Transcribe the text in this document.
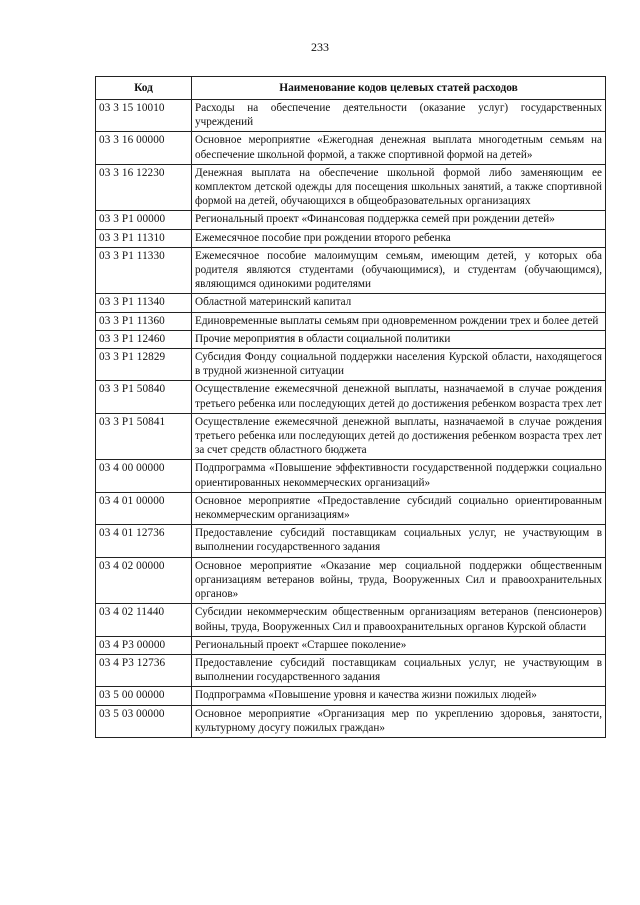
233
Код	Наименование кодов целевых статей расходов
03 3 15 10010	Расходы на обеспечение деятельности (оказание услуг) государственных учреждений
03 3 16 00000	Основное мероприятие «Ежегодная денежная выплата многодетным семьям на обеспечение школьной формой, а также спортивной формой на детей»
03 3 16 12230	Денежная выплата на обеспечение школьной формой либо заменяющим ее комплектом детской одежды для посещения школьных занятий, а также спортивной формой на детей, обучающихся в общеобразовательных организациях
03 3 P1 00000	Региональный проект «Финансовая поддержка семей при рождении детей»
03 3 P1 11310	Ежемесячное пособие при рождении второго ребенка
03 3 P1 11330	Ежемесячное пособие малоимущим семьям, имеющим детей, у которых оба родителя являются студентами (обучающимися), и студентам (обучающимся), являющимся одинокими родителями
03 3 P1 11340	Областной материнский капитал
03 3 P1 11360	Единовременные выплаты семьям при одновременном рождении трех и более детей
03 3 P1 12460	Прочие мероприятия в области социальной политики
03 3 P1 12829	Субсидия Фонду социальной поддержки населения Курской области, находящегося в трудной жизненной ситуации
03 3 P1 50840	Осуществление ежемесячной денежной выплаты, назначаемой в случае рождения третьего ребенка или последующих детей до достижения ребенком возраста трех лет
03 3 P1 50841	Осуществление ежемесячной денежной выплаты, назначаемой в случае рождения третьего ребенка или последующих детей до достижения ребенком возраста трех лет за счет средств областного бюджета
03 4 00 00000	Подпрограмма «Повышение эффективности государственной поддержки социально ориентированных некоммерческих организаций»
03 4 01 00000	Основное мероприятие «Предоставление субсидий социально ориентированным некоммерческим организациям»
03 4 01 12736	Предоставление субсидий поставщикам социальных услуг, не участвующим в выполнении государственного задания
03 4 02 00000	Основное мероприятие «Оказание мер социальной поддержки общественным организациям ветеранов войны, труда, Вооруженных Сил и правоохранительных органов»
03 4 02 11440	Субсидии некоммерческим общественным организациям ветеранов (пенсионеров) войны, труда, Вооруженных Сил и правоохранительных органов Курской области
03 4 P3 00000	Региональный проект «Старшее поколение»
03 4 P3 12736	Предоставление субсидий поставщикам социальных услуг, не участвующим в выполнении государственного задания
03 5 00 00000	Подпрограмма «Повышение уровня и качества жизни пожилых людей»
03 5 03 00000	Основное мероприятие «Организация мер по укреплению здоровья, занятости, культурному досугу пожилых граждан»
